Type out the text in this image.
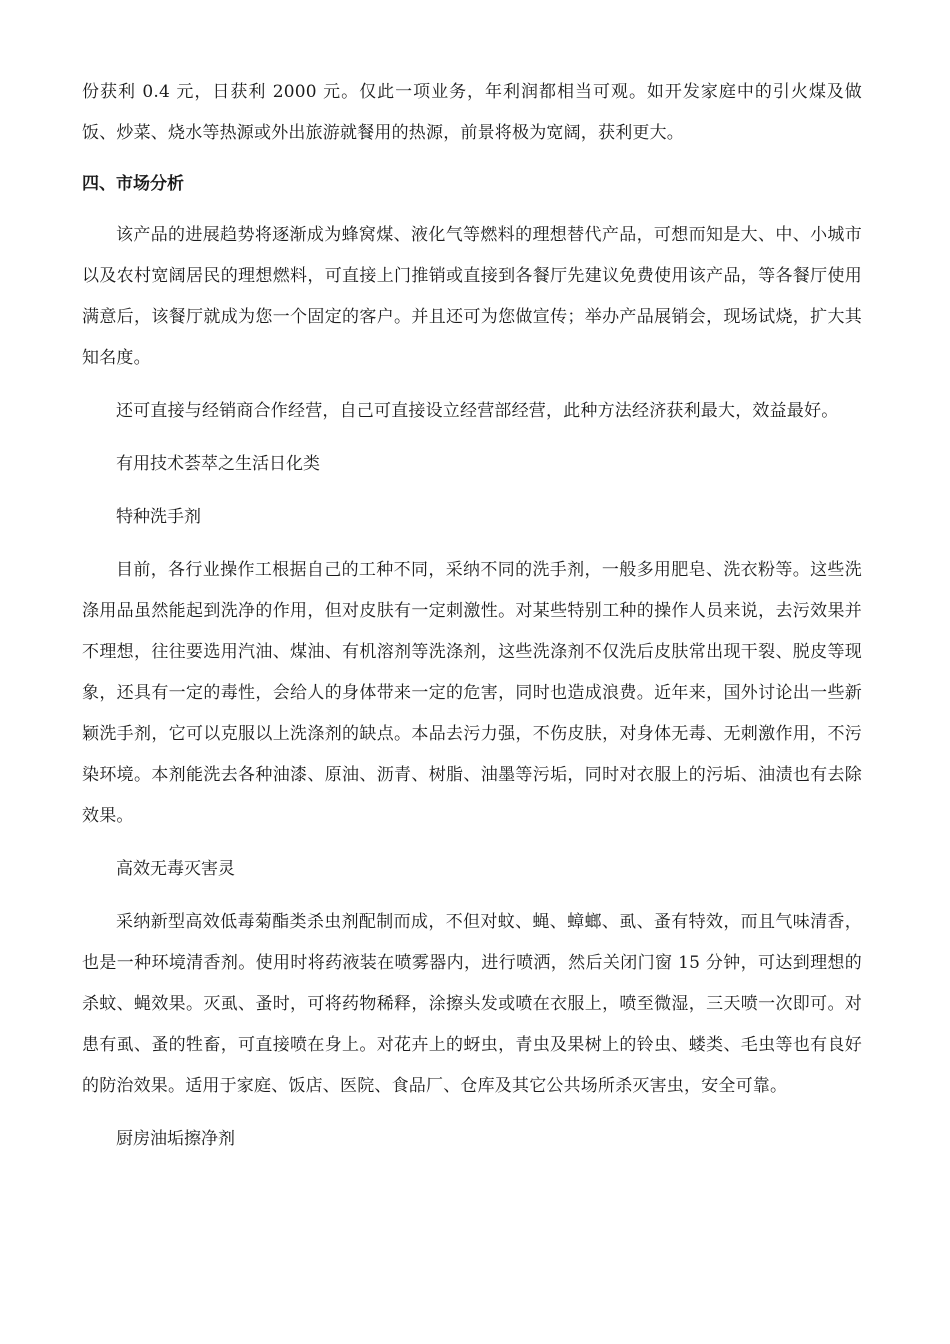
份获利 0.4 元，日获利 2000 元。仅此一项业务，年利润都相当可观。如开发家庭中的引火煤及做饭、炒菜、烧水等热源或外出旅游就餐用的热源，前景将极为宽阔，获利更大。

四、市场分析

该产品的进展趋势将逐渐成为蜂窝煤、液化气等燃料的理想替代产品，可想而知是大、中、小城市以及农村宽阔居民的理想燃料，可直接上门推销或直接到各餐厅先建议免费使用该产品，等各餐厅使用满意后，该餐厅就成为您一个固定的客户。并且还可为您做宣传；举办产品展销会，现场试烧，扩大其知名度。

还可直接与经销商合作经营，自己可直接设立经营部经营，此种方法经济获利最大，效益最好。

有用技术荟萃之生活日化类

特种洗手剂

目前，各行业操作工根据自己的工种不同，采纳不同的洗手剂，一般多用肥皂、洗衣粉等。这些洗涤用品虽然能起到洗净的作用，但对皮肤有一定刺激性。对某些特别工种的操作人员来说，去污效果并不理想，往往要选用汽油、煤油、有机溶剂等洗涤剂，这些洗涤剂不仅洗后皮肤常出现干裂、脱皮等现象，还具有一定的毒性，会给人的身体带来一定的危害，同时也造成浪费。近年来，国外讨论出一些新颖洗手剂，它可以克服以上洗涤剂的缺点。本品去污力强，不伤皮肤，对身体无毒、无刺激作用，不污染环境。本剂能洗去各种油漆、原油、沥青、树脂、油墨等污垢，同时对衣服上的污垢、油渍也有去除效果。

高效无毒灭害灵

采纳新型高效低毒菊酯类杀虫剂配制而成，不但对蚊、蝇、蟑螂、虱、蚤有特效，而且气味清香，也是一种环境清香剂。使用时将药液装在喷雾器内，进行喷洒，然后关闭门窗 15 分钟，可达到理想的杀蚊、蝇效果。灭虱、蚤时，可将药物稀释，涂擦头发或喷在衣服上，喷至微湿，三天喷一次即可。对患有虱、蚤的牲畜，可直接喷在身上。对花卉上的蚜虫，青虫及果树上的铃虫、蝼类、毛虫等也有良好的防治效果。适用于家庭、饭店、医院、食品厂、仓库及其它公共场所杀灭害虫，安全可靠。

厨房油垢擦净剂
